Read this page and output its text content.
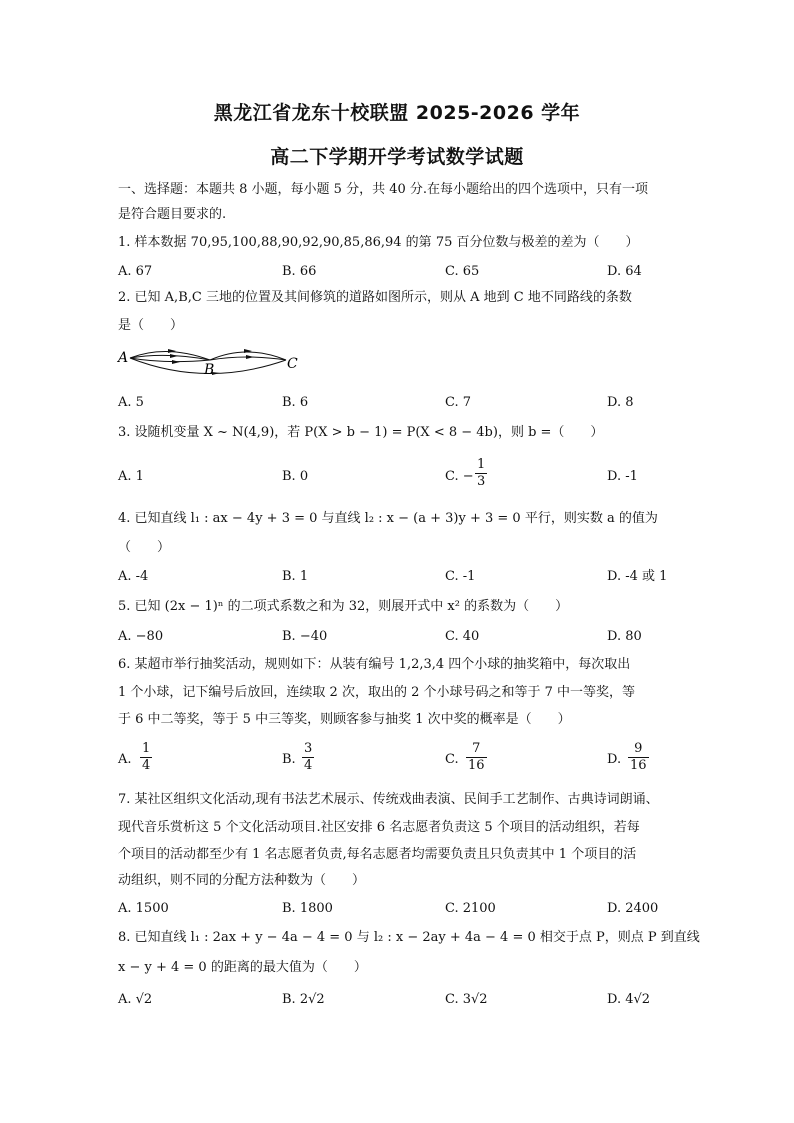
黑龙江省龙东十校联盟 2025-2026 学年
高二下学期开学考试数学试题
一、选择题：本题共 8 小题，每小题 5 分，共 40 分.在每小题给出的四个选项中，只有一项
是符合题目要求的.
1. 样本数据 70,95,100,88,90,92,90,85,86,94 的第 75 百分位数与极差的差为（　　）
A. 67	B. 66	C. 65	D. 64
2. 已知 A,B,C 三地的位置及其间修筑的道路如图所示，则从 A 地到 C 地不同路线的条数
是（　　）
A
B	C
A. 5	B. 6	C. 7	D. 8
3. 设随机变量 X ~ N(4,9)，若 P(X > b − 1) = P(X < 8 − 4b)，则 b =（　　）
A. 1	B. 0	C. − $\frac{1}{3}$	D. -1
4. 已知直线 l₁ : ax − 4y + 3 = 0 与直线 l₂ : x − (a + 3)y + 3 = 0 平行，则实数 a 的值为
（　　）
A. -4	B. 1	C. -1	D. -4 或 1
5. 已知 (2x − 1)ⁿ 的二项式系数之和为 32，则展开式中 x² 的系数为（　　）
A. −80	B. −40	C. 40	D. 80
6. 某超市举行抽奖活动，规则如下：从装有编号 1,2,3,4 四个小球的抽奖箱中，每次取出
1 个小球，记下编号后放回，连续取 2 次，取出的 2 个小球号码之和等于 7 中一等奖，等
于 6 中二等奖，等于 5 中三等奖，则顾客参与抽奖 1 次中奖的概率是（　　）
A. $\frac{1}{4}$	B. $\frac{3}{4}$	C. $\frac{7}{16}$	D. $\frac{9}{16}$
7. 某社区组织文化活动,现有书法艺术展示、传统戏曲表演、民间手工艺制作、古典诗词朗诵、
现代音乐赏析这 5 个文化活动项目.社区安排 6 名志愿者负责这 5 个项目的活动组织，若每
个项目的活动都至少有 1 名志愿者负责,每名志愿者均需要负责且只负责其中 1 个项目的活
动组织，则不同的分配方法种数为（　　）
A. 1500	B. 1800	C. 2100	D. 2400
8. 已知直线 l₁ : 2ax + y − 4a − 4 = 0 与 l₂ : x − 2ay + 4a − 4 = 0 相交于点 P，则点 P 到直线
x − y + 4 = 0 的距离的最大值为（　　）
A. √2	B. 2√2	C. 3√2	D. 4√2
